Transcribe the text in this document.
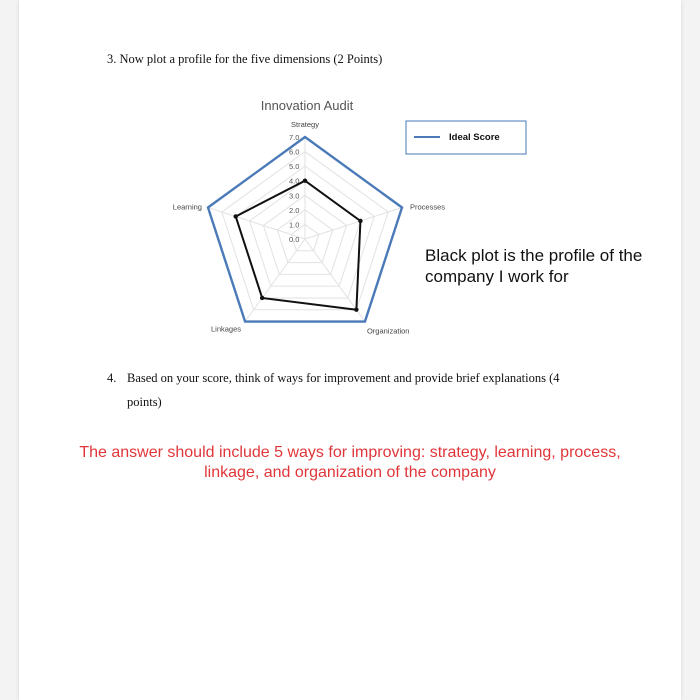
3. Now plot a profile for the five dimensions (2 Points)
Innovation Audit
Strategy
Processes
Organization
Linkages
Learning
0.0
1.0
2.0
3.0
4.0
5.0
6.0
7.0	Ideal Score
Black plot is the profile of the company I work for
4. Based on your score, think of ways for improvement and provide brief explanations (4
points)
The answer should include 5 ways for improving: strategy, learning, process, linkage, and organization of the company
